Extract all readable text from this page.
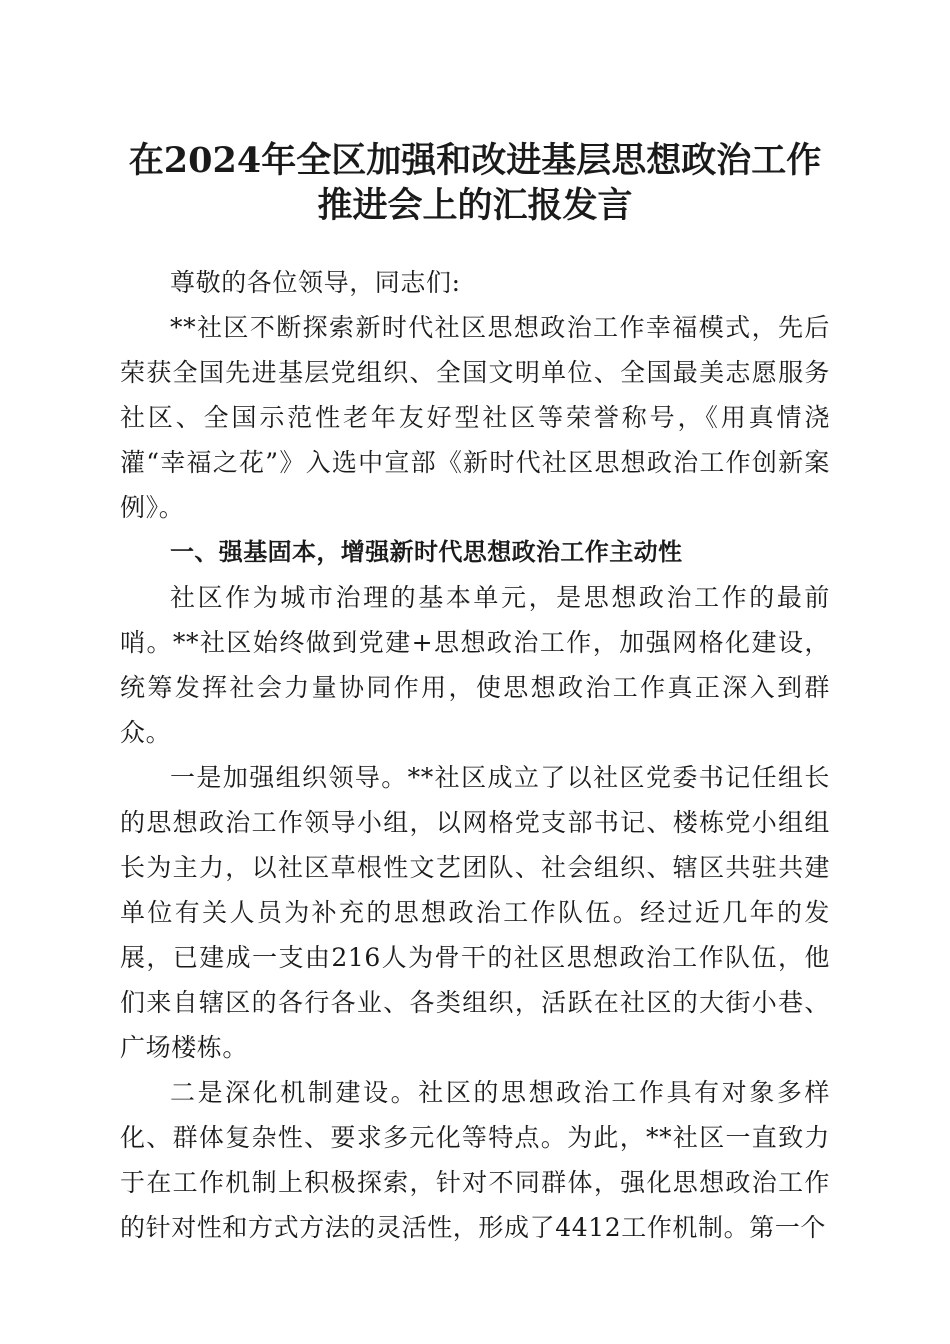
在2024年全区加强和改进基层思想政治工作
推进会上的汇报发言

尊敬的各位领导，同志们:

**社区不断探索新时代社区思想政治工作幸福模式，先后荣获全国先进基层党组织、全国文明单位、全国最美志愿服务社区、全国示范性老年友好型社区等荣誉称号，《用真情浇灌“幸福之花”》入选中宣部《新时代社区思想政治工作创新案例》。

一、强基固本，增强新时代思想政治工作主动性

社区作为城市治理的基本单元，是思想政治工作的最前哨。**社区始终做到党建+思想政治工作，加强网格化建设，统筹发挥社会力量协同作用，使思想政治工作真正深入到群众。

一是加强组织领导。**社区成立了以社区党委书记任组长的思想政治工作领导小组，以网格党支部书记、楼栋党小组组长为主力，以社区草根性文艺团队、社会组织、辖区共驻共建单位有关人员为补充的思想政治工作队伍。经过近几年的发展，已建成一支由216人为骨干的社区思想政治工作队伍，他们来自辖区的各行各业、各类组织，活跃在社区的大街小巷、广场楼栋。

二是深化机制建设。社区的思想政治工作具有对象多样化、群体复杂性、要求多元化等特点。为此，**社区一直致力于在工作机制上积极探索，针对不同群体，强化思想政治工作的针对性和方式方法的灵活性，形成了4412工作机制。第一个
